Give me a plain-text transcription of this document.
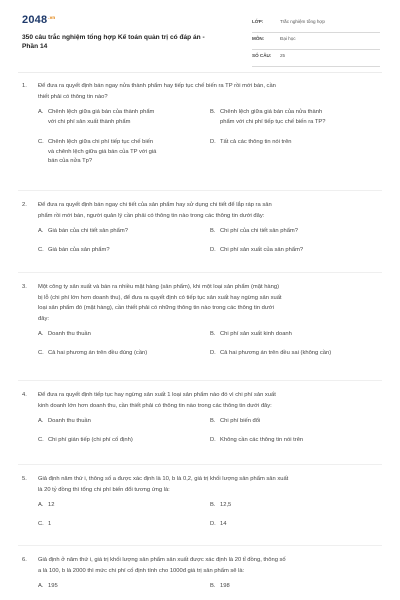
$2048^{.vn}$
350 câu trắc nghiệm tổng hợp Kế toán quản trị có đáp án -
Phần 14
LỚP:	Trắc nghiệm tổng hợp
MÔN:	Đại học
SỐ CÂU: 25
1. Để đưa ra quyết định bán ngay nửa thành phẩm hay tiếp tục chế biến ra TP rồi mới bán, cần
thiết phải có thông tin nào?
A. Chênh lệch giữa giá bán của thành phẩm
với chi phí sản xuất thành phẩm
B. Chênh lệch giữa giá bán của nửa thành
phẩm với chi phí tiếp tục chế biến ra TP?
C. Chênh lệch giữa chi phí tiếp tục chế biến
và chênh lệch giữa giá bán của TP với giá
bán của nửa Tp?
D. Tất cả các thông tin nói trên
2. Để đưa ra quyết định bán ngay chi tiết của sản phẩm hay sử dụng chi tiết để lắp ráp ra sản
phẩm rồi mới bán, người quản lý cần phải có thông tin nào trong các thông tin dưới đây:
A. Giá bán của chi tiết sản phẩm?	B. Chi phí của chi tiết sản phẩm?
C. Giá bán của sản phẩm?	D. Chi phí sản xuất của sản phẩm?
3. Một công ty sản xuất và bán ra nhiều mặt hàng (sản phẩm), khi một loại sản phẩm (mặt hàng)
bị lỗ (chi phí lớn hơn doanh thu), để đưa ra quyết định có tiếp tục sản xuất hay ngừng sản xuất
loại sản phẩm đó (mặt hàng), cần thiết phải có những thông tin nào trong các thông tin dưới
đây:
A. Doanh thu thuần	B. Chi phí sản xuất kinh doanh
C. Cả hai phương án trên đều đúng (cần)	D. Cả hai phương án trên đều sai (không cần)
4. Để đưa ra quyết định tiếp tục hay ngừng sản xuất 1 loại sản phẩm nào đó vì chi phí sản xuất
kinh doanh lớn hơn doanh thu, cần thiết phải có thông tin nào trong các thông tin dưới đây:
A. Doanh thu thuần	B. Chi phí biến đổi
C. Chi phí gián tiếp (chi phí cố định)	D. Không cần các thông tin nói trên
5. Giả định năm thứ i, thông số a được xác định là 10, b là 0,2, giá trị khối lượng sản phẩm sản xuất
là 20 tỷ đồng thì tổng chi phí biến đổi tương ứng là:
A. 12	B. 12,5
C. 1	D. 14
6. Giả định ở năm thứ i, giá trị khối lượng sản phẩm sản xuất được xác định là 20 tỉ đồng, thông số
a là 100, b là 2000 thì mức chi phí cố định tính cho 1000đ giá trị sản phẩm sẽ là:
A. 195	B. 198
